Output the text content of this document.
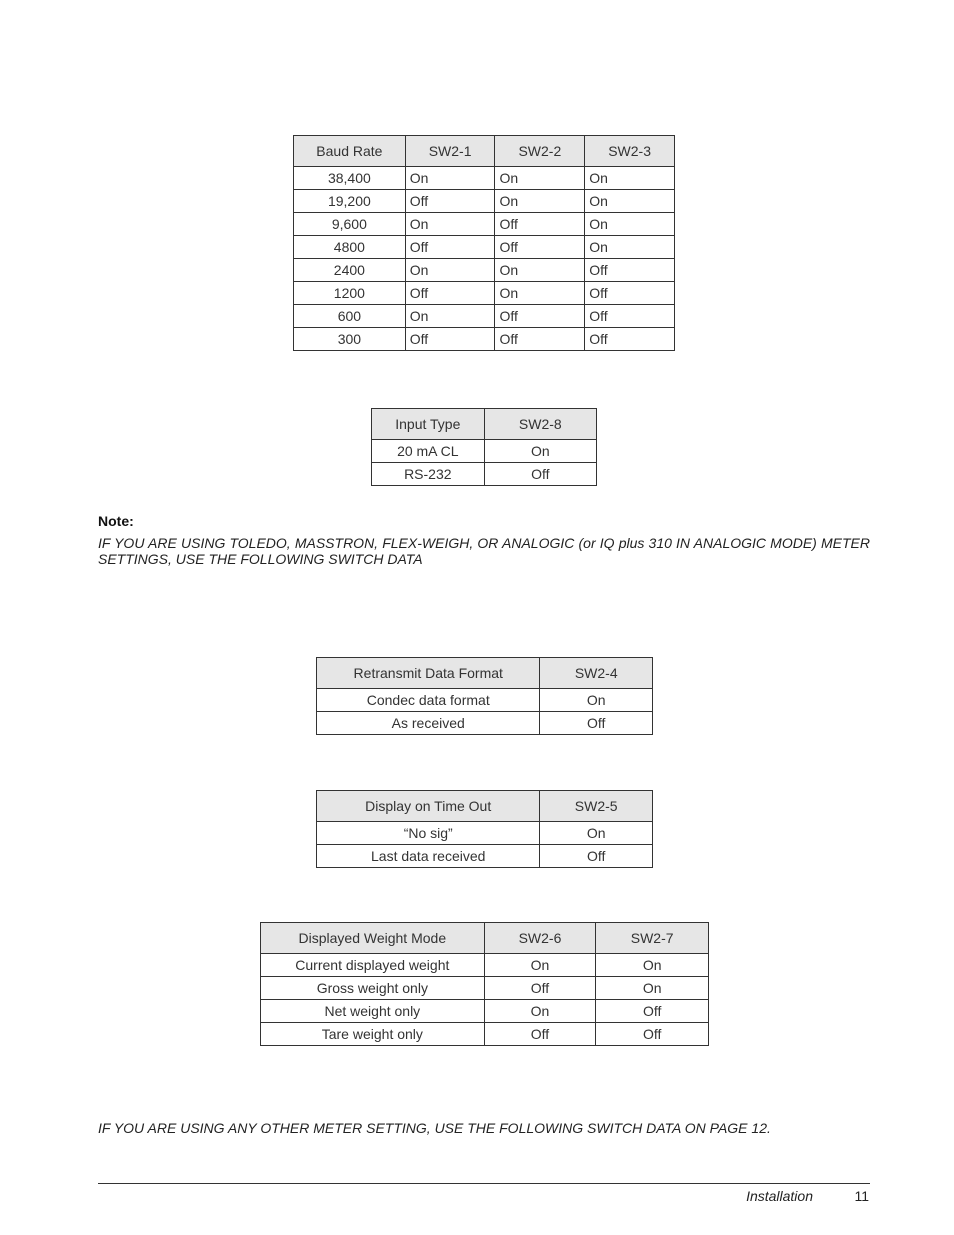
Baud Rate	SW2-1	SW2-2	SW2-3
38,400	On	On	On
19,200	Off	On	On
9,600	On	Off	On
4800	Off	Off	On
2400	On	On	Off
1200	Off	On	Off
600	On	Off	Off
300	Off	Off	Off
Input Type	SW2-8
20 mA CL	On
RS-232	Off
Note:
IF YOU ARE USING TOLEDO, MASSTRON, FLEX-WEIGH, OR ANALOGIC (or IQ plus 310 IN ANALOGIC MODE) METER SETTINGS, USE THE FOLLOWING SWITCH DATA
Retransmit Data Format	SW2-4
Condec data format	On
As received	Off
Display on Time Out	SW2-5
“No sig”	On
Last data received	Off
Displayed Weight Mode	SW2-6	SW2-7
Current displayed weight	On	On
Gross weight only	Off	On
Net weight only	On	Off
Tare weight only	Off	Off
IF YOU ARE USING ANY OTHER METER SETTING, USE THE FOLLOWING SWITCH DATA ON PAGE 12.
Installation	11
